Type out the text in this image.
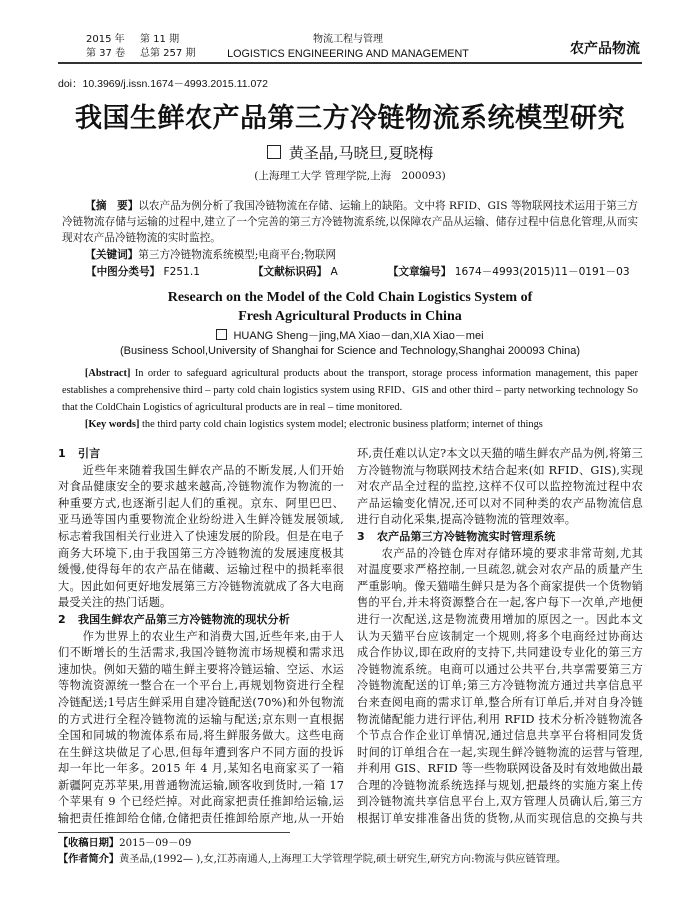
2015 年 第 11 期
第 37 卷 总第 257 期
物流工程与管理
LOGISTICS ENGINEERING AND MANAGEMENT	农产品物流
doi：10.3969/j.issn.1674－4993.2015.11.072
我国生鲜农产品第三方冷链物流系统模型研究
黄圣晶,马晓旦,夏晓梅
(上海理工大学 管理学院,上海　200093)
【摘　要】以农产品为例分析了我国冷链物流在存储、运输上的缺陷。文中将 RFID、GIS 等物联网技术运用于第三方冷链物流存储与运输的过程中,建立了一个完善的第三方冷链物流系统,以保障农产品从运输、储存过程中信息化管理,从而实现对农产品冷链物流的实时监控。
【关键词】第三方冷链物流系统模型;电商平台;物联网
【中图分类号】 F251.1	【文献标识码】 A	【文章编号】 1674－4993(2015)11－0191－03
Research on the Model of the Cold Chain Logistics System of
Fresh Agricultural Products in China
HUANG Sheng－jing,MA Xiao－dan,XIA Xiao－mei
(Business School,University of Shanghai for Science and Technology,Shanghai 200093 China)
[Abstract] In order to safeguard agricultural products about the transport, storage process information management, this paper establishes a comprehensive third – party cold chain logistics system using RFID、GIS and other third – party networking technology So that the ColdChain Logistics of agricultural products are in real – time monitored.
[Key words] the third party cold chain logistics system model; electronic business platform; internet of things
1 引言
近些年来随着我国生鲜农产品的不断发展,人们开始对食品健康安全的要求越来越高,冷链物流作为物流的一种重要方式,也逐渐引起人们的重视。京东、阿里巴巴、亚马逊等国内重要物流企业纷纷进入生鲜冷链发展领域,标志着我国相关行业进入了快速发展的阶段。但是在电子商务大环境下,由于我国第三方冷链物流的发展速度极其缓慢,使得每年的农产品在储藏、运输过程中的损耗率很大。因此如何更好地发展第三方冷链物流就成了各大电商最受关注的热门话题。
2 我国生鲜农产品第三方冷链物流的现状分析
作为世界上的农业生产和消费大国,近些年来,由于人们不断增长的生活需求,我国冷链物流市场规模和需求迅速加快。例如天猫的喵生鲜主要将冷链运输、空运、水运等物流资源统一整合在一个平台上,再规划物资进行全程冷链配送;1号店生鲜采用自建冷链配送(70%)和外包物流的方式进行全程冷链物流的运输与配送;京东则一直根据全国和同城的物流体系布局,将生鲜服务做大。这些电商在生鲜这块做足了心思,但每年遭到客户不同方面的投诉却一年比一年多。2015 年 4 月,某知名电商家买了一箱新疆阿克苏苹果,用普通物流运输,顾客收到货时,一箱 17 个苹果有 9 个已经烂掉。对此商家把责任推卸给运输,运输把责任推卸给仓储,仓储把责任推卸给原产地,从一开始
环,责任难以认定?本文以天猫的喵生鲜农产品为例,将第三方冷链物流与物联网技术结合起来(如 RFID、GIS),实现对农产品全过程的监控,这样不仅可以监控物流过程中农产品运输变化情况,还可以对不同种类的农产品物流信息进行自动化采集,提高冷链物流的管理效率。
3 农产品第三方冷链物流实时管理系统
农产品的冷链仓库对存储环境的要求非常苛刻,尤其对温度要求严格控制,一旦疏忽,就会对农产品的质量产生严重影响。像天猫喵生鲜只是为各个商家提供一个货物销售的平台,并未将资源整合在一起,客户每下一次单,产地便进行一次配送,这是物流费用增加的原因之一。因此本文认为天猫平台应该制定一个规则,将多个电商经过协商达成合作协议,即在政府的支持下,共同建设专业化的第三方冷链物流系统。电商可以通过公共平台,共享需要第三方冷链物流配送的订单;第三方冷链物流方通过共享信息平台来查阅电商的需求订单,整合所有订单后,并对自身冷链物流储配能力进行评估,利用 RFID 技术分析冷链物流各个节点合作企业订单情况,通过信息共享平台将相同发货时间的订单组合在一起,实现生鲜冷链物流的运营与管理,并利用 GIS、RFID 等一些物联网设备及时有效地做出最合理的冷链物流系统选择与规划,把最终的实施方案上传到冷链物流共享信息平台上,双方管理人员确认后,第三方根据订单安排准备出货的货物,从而实现信息的交换与共
【收稿日期】2015－09－09
【作者简介】黄圣晶,(1992— ),女,江苏南通人,上海理工大学管理学院,硕士研究生,研究方向:物流与供应链管理。
